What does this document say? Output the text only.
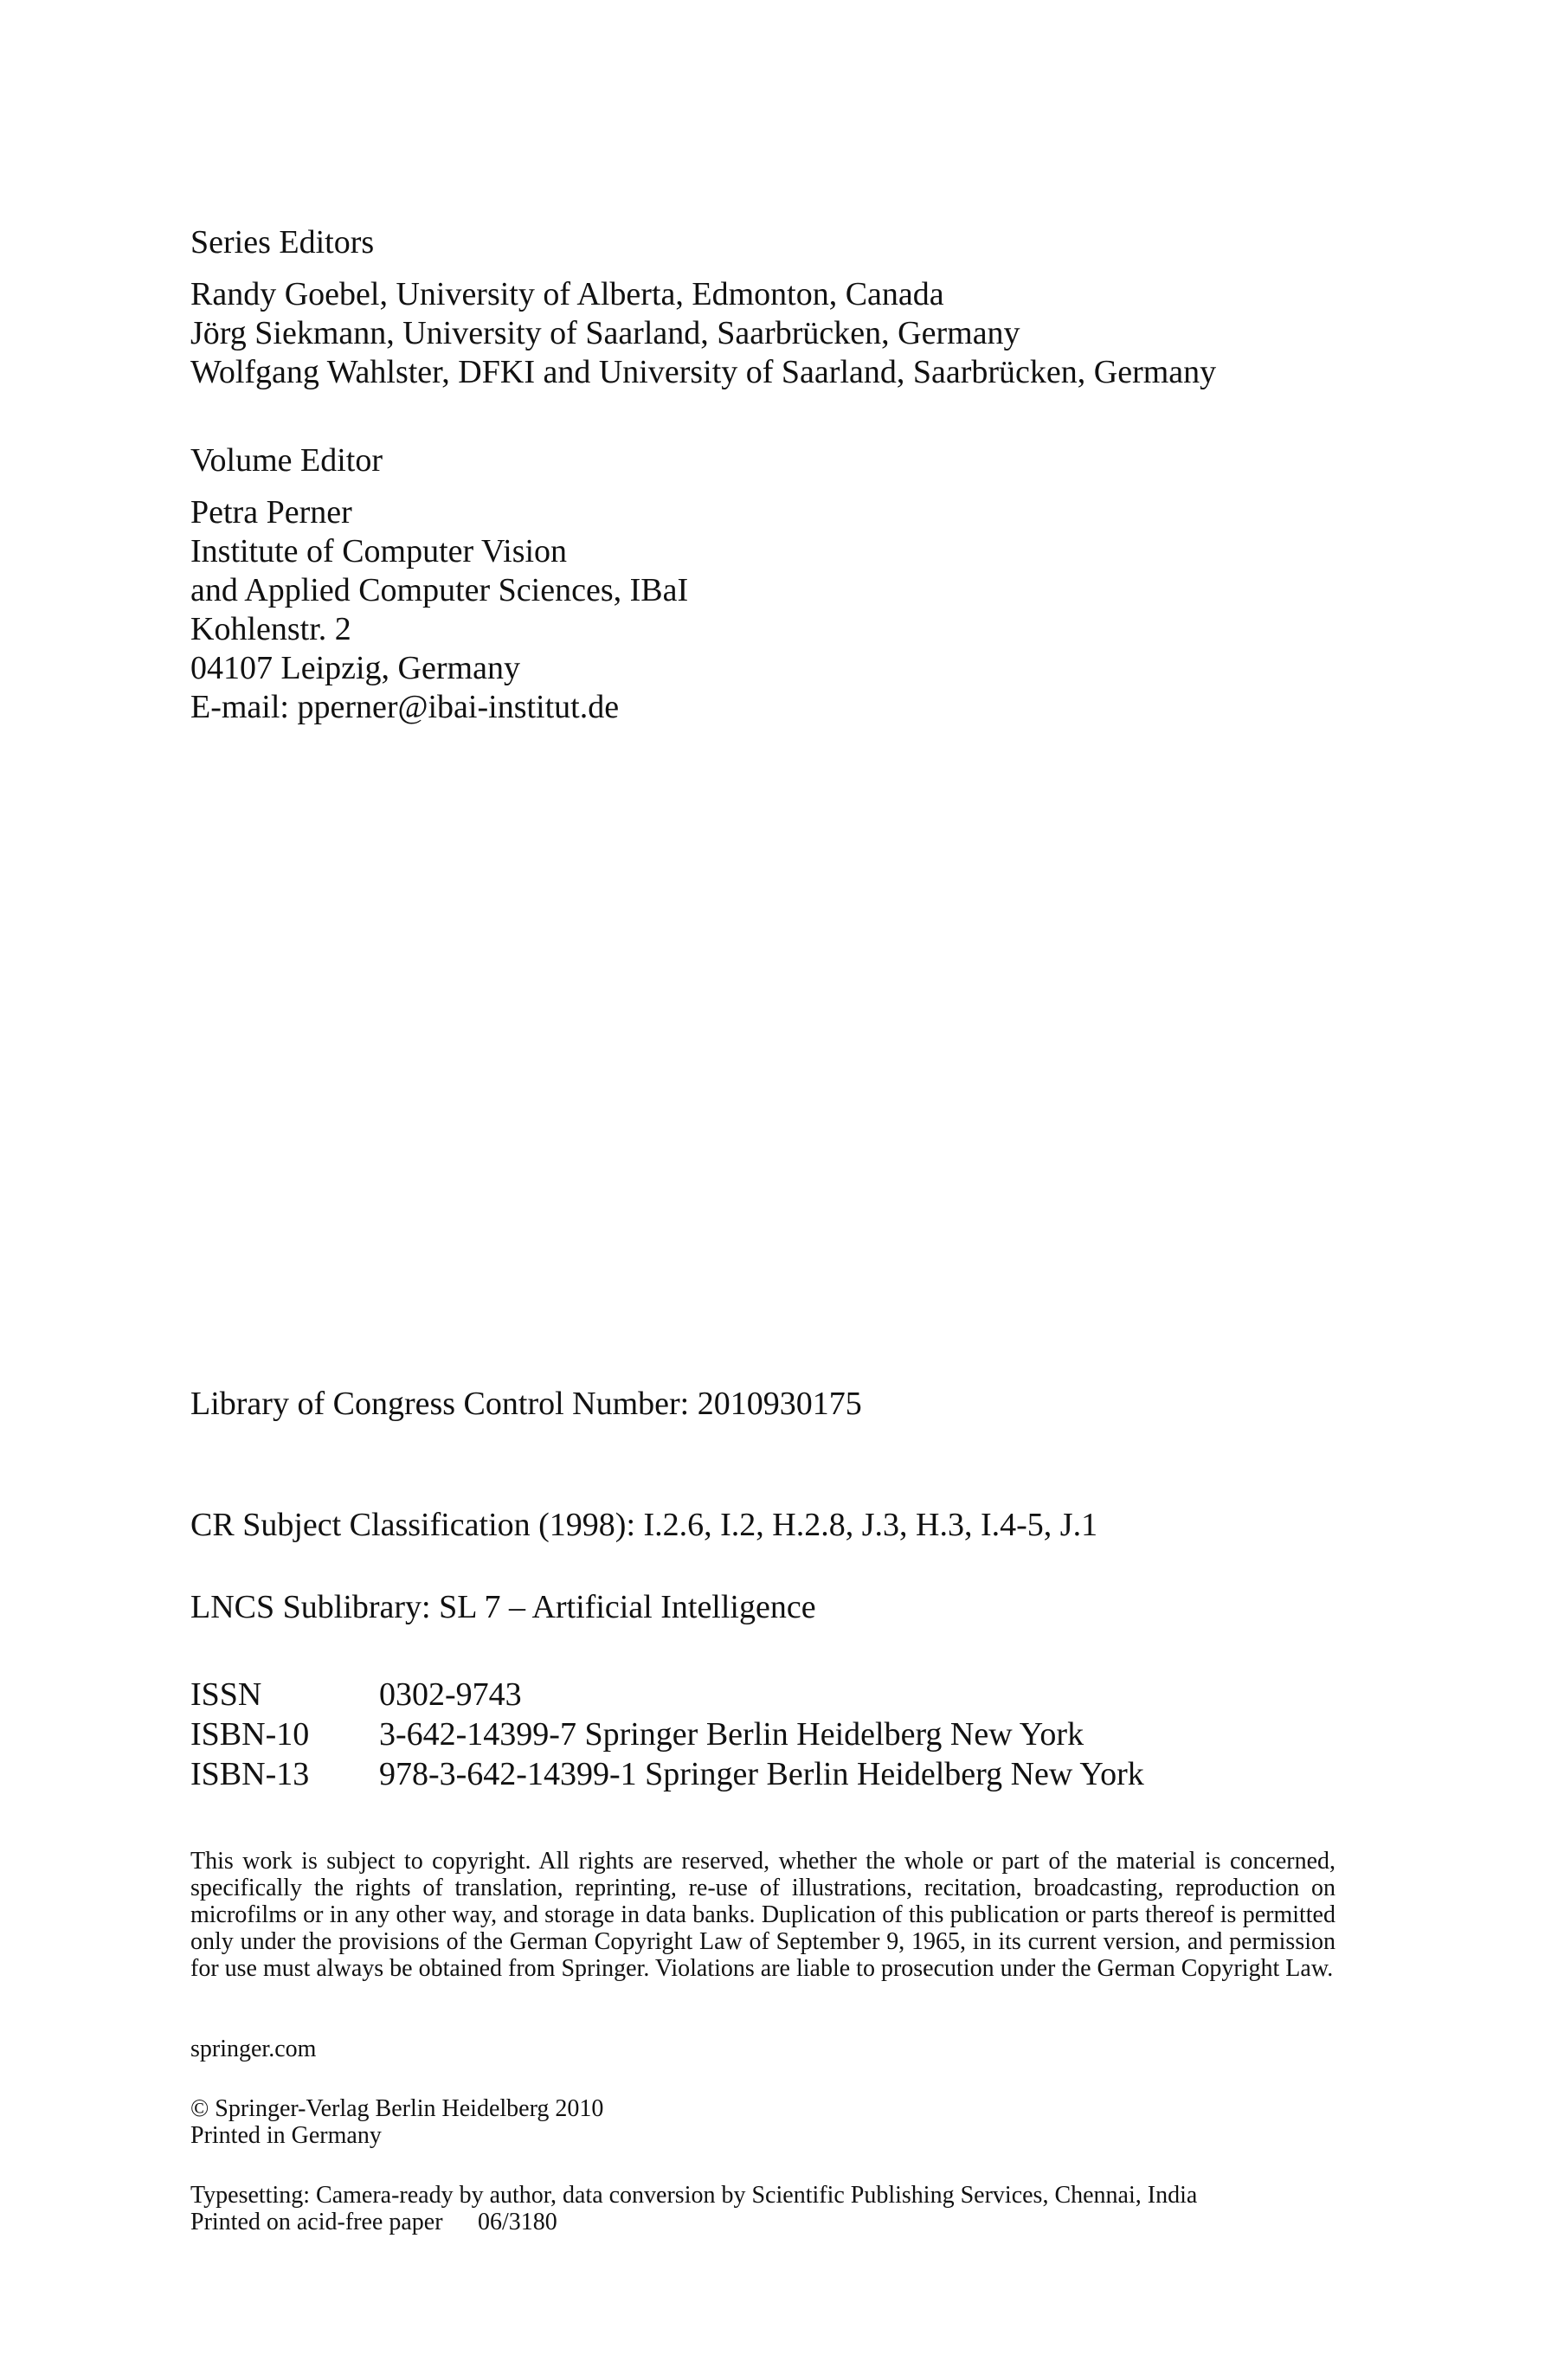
Series Editors
Randy Goebel, University of Alberta, Edmonton, Canada
Jörg Siekmann, University of Saarland, Saarbrücken, Germany
Wolfgang Wahlster, DFKI and University of Saarland, Saarbrücken, Germany
Volume Editor
Petra Perner
Institute of Computer Vision
and Applied Computer Sciences, IBaI
Kohlenstr. 2
04107 Leipzig, Germany
E-mail: pperner@ibai-institut.de
Library of Congress Control Number: 2010930175
CR Subject Classification (1998): I.2.6, I.2, H.2.8, J.3, H.3, I.4-5, J.1
LNCS Sublibrary: SL 7 – Artificial Intelligence
ISSN	0302-9743
ISBN-10	3-642-14399-7 Springer Berlin Heidelberg New York
ISBN-13	978-3-642-14399-1 Springer Berlin Heidelberg New York
This work is subject to copyright. All rights are reserved, whether the whole or part of the material is concerned, specifically the rights of translation, reprinting, re-use of illustrations, recitation, broadcasting, reproduction on microfilms or in any other way, and storage in data banks. Duplication of this publication or parts thereof is permitted only under the provisions of the German Copyright Law of September 9, 1965, in its current version, and permission for use must always be obtained from Springer. Violations are liable to prosecution under the German Copyright Law.
springer.com
© Springer-Verlag Berlin Heidelberg 2010
Printed in Germany
Typesetting: Camera-ready by author, data conversion by Scientific Publishing Services, Chennai, India
Printed on acid-free paper	06/3180
